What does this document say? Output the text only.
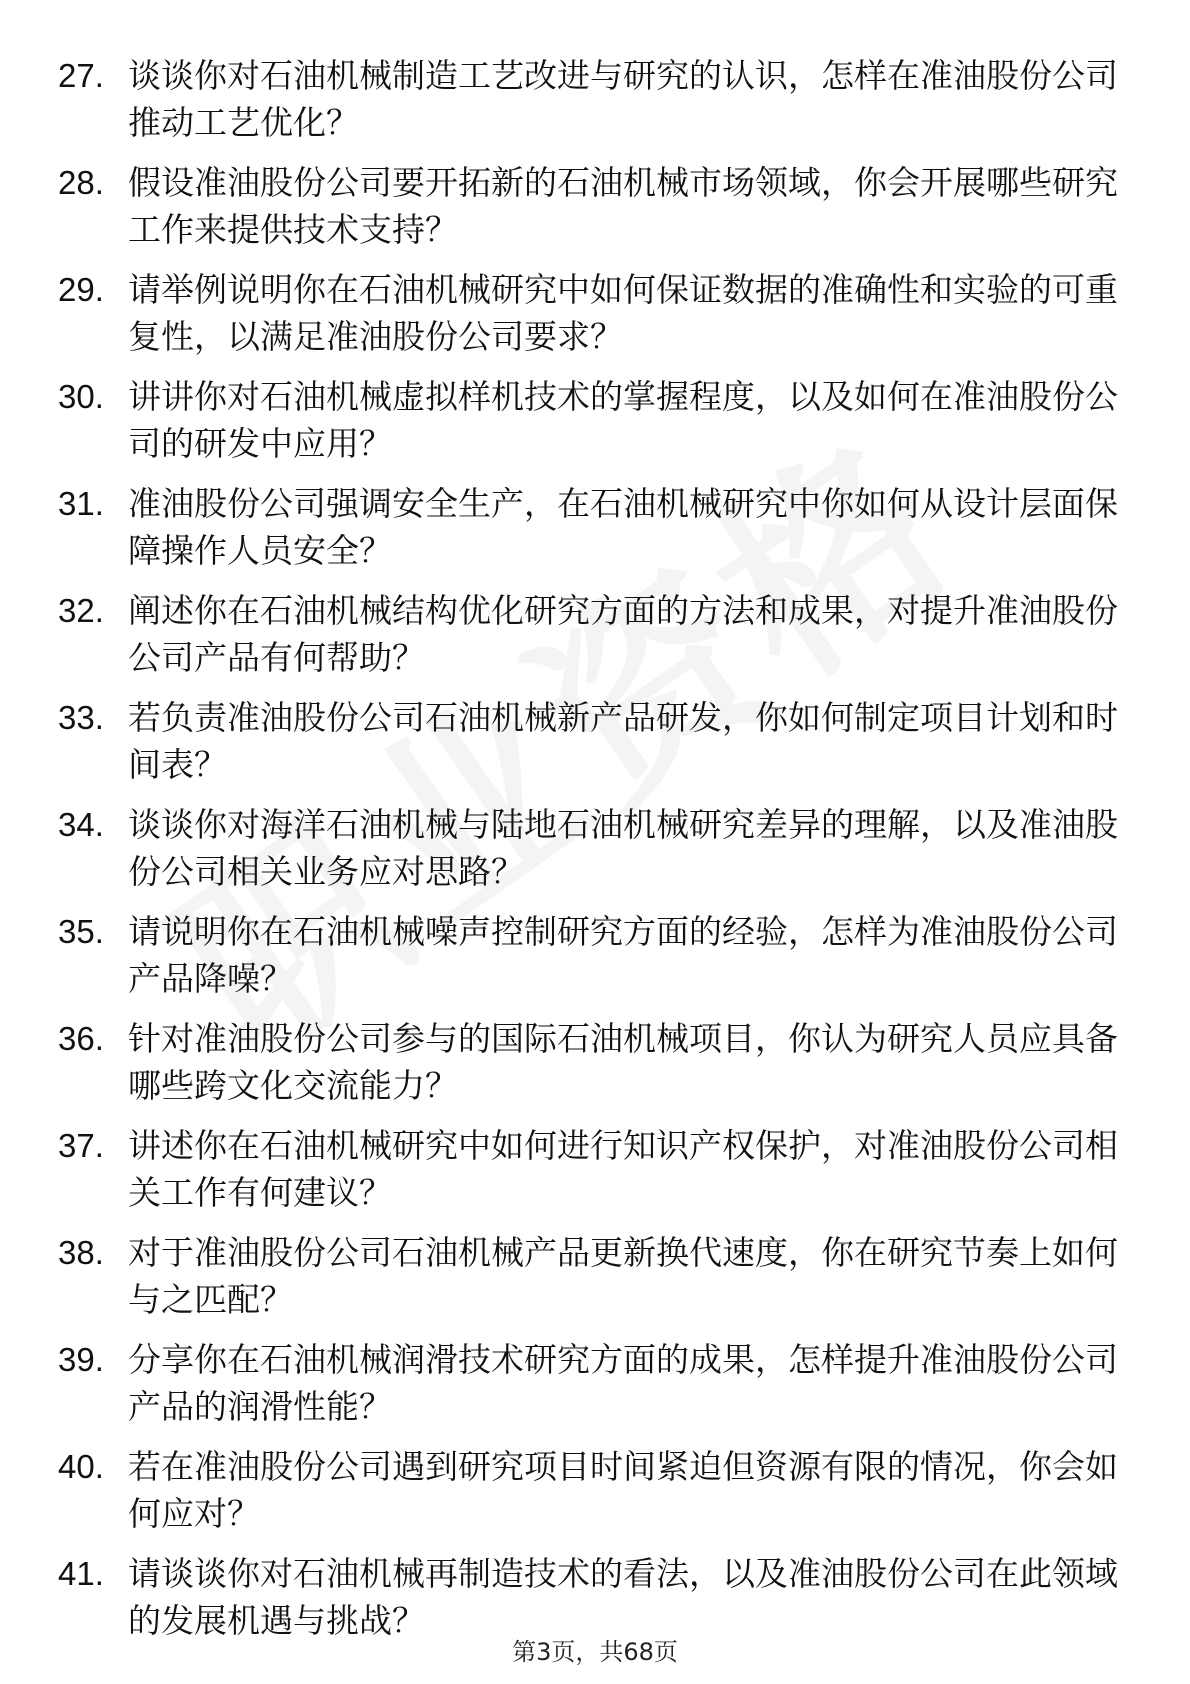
27. 谈谈你对石油机械制造工艺改进与研究的认识，怎样在准油股份公司推动工艺优化？
28. 假设准油股份公司要开拓新的石油机械市场领域，你会开展哪些研究工作来提供技术支持？
29. 请举例说明你在石油机械研究中如何保证数据的准确性和实验的可重复性，以满足准油股份公司要求？
30. 讲讲你对石油机械虚拟样机技术的掌握程度，以及如何在准油股份公司的研发中应用？
31. 准油股份公司强调安全生产，在石油机械研究中你如何从设计层面保障操作人员安全？
32. 阐述你在石油机械结构优化研究方面的方法和成果，对提升准油股份公司产品有何帮助？
33. 若负责准油股份公司石油机械新产品研发，你如何制定项目计划和时间表？
34. 谈谈你对海洋石油机械与陆地石油机械研究差异的理解，以及准油股份公司相关业务应对思路？
35. 请说明你在石油机械噪声控制研究方面的经验，怎样为准油股份公司产品降噪？
36. 针对准油股份公司参与的国际石油机械项目，你认为研究人员应具备哪些跨文化交流能力？
37. 讲述你在石油机械研究中如何进行知识产权保护，对准油股份公司相关工作有何建议？
38. 对于准油股份公司石油机械产品更新换代速度，你在研究节奏上如何与之匹配？
39. 分享你在石油机械润滑技术研究方面的成果，怎样提升准油股份公司产品的润滑性能？
40. 若在准油股份公司遇到研究项目时间紧迫但资源有限的情况，你会如何应对？
41. 请谈谈你对石油机械再制造技术的看法，以及准油股份公司在此领域的发展机遇与挑战？
第3页，共68页
